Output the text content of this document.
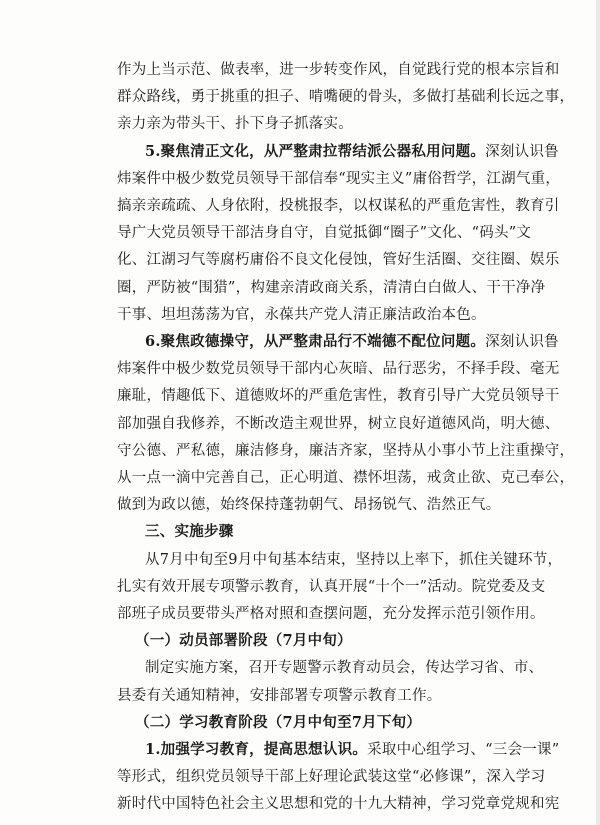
作为上当示范、做表率，进一步转变作风，自觉践行党的根本宗旨和
群众路线，勇于挑重的担子、啃嘴硬的骨头，多做打基础利长远之事，
亲力亲为带头干、扑下身子抓落实。
5.聚焦清正文化，从严整肃拉帮结派公器私用问题。深刻认识鲁
炜案件中极少数党员领导干部信奉“现实主义”庸俗哲学，江湖气重，
搞亲亲疏疏、人身依附，投桃报李，以权谋私的严重危害性，教育引
导广大党员领导干部洁身自守，自觉抵御“圈子”文化、“码头”文
化、江湖习气等腐朽庸俗不良文化侵蚀，管好生活圈、交往圈、娱乐
圈，严防被“围猎”，构建亲清政商关系，清清白白做人、干干净净
干事、坦坦荡荡为官，永葆共产党人清正廉洁政治本色。
6.聚焦政德操守，从严整肃品行不端德不配位问题。深刻认识鲁
炜案件中极少数党员领导干部内心灰暗、品行恶劣，不择手段、毫无
廉耻，情趣低下、道德败坏的严重危害性，教育引导广大党员领导干
部加强自我修养，不断改造主观世界，树立良好道德风尚，明大德、
守公德、严私德，廉洁修身，廉洁齐家，坚持从小事小节上注重操守，
从一点一滴中完善自己，正心明道、襟怀坦荡，戒贪止欲、克己奉公，
做到为政以德，始终保持蓬勃朝气、昂扬锐气、浩然正气。
三、实施步骤
从7月中旬至9月中旬基本结束，坚持以上率下，抓住关键环节，
扎实有效开展专项警示教育，认真开展“十个一”活动。院党委及支
部班子成员要带头严格对照和查摆问题，充分发挥示范引领作用。
（一）动员部署阶段（7月中旬）
制定实施方案，召开专题警示教育动员会，传达学习省、市、
县委有关通知精神，安排部署专项警示教育工作。
（二）学习教育阶段（7月中旬至7月下旬）
1.加强学习教育，提高思想认识。采取中心组学习、“三会一课”
等形式，组织党员领导干部上好理论武装这堂“必修课”，深入学习
新时代中国特色社会主义思想和党的十九大精神，学习党章党规和宪
